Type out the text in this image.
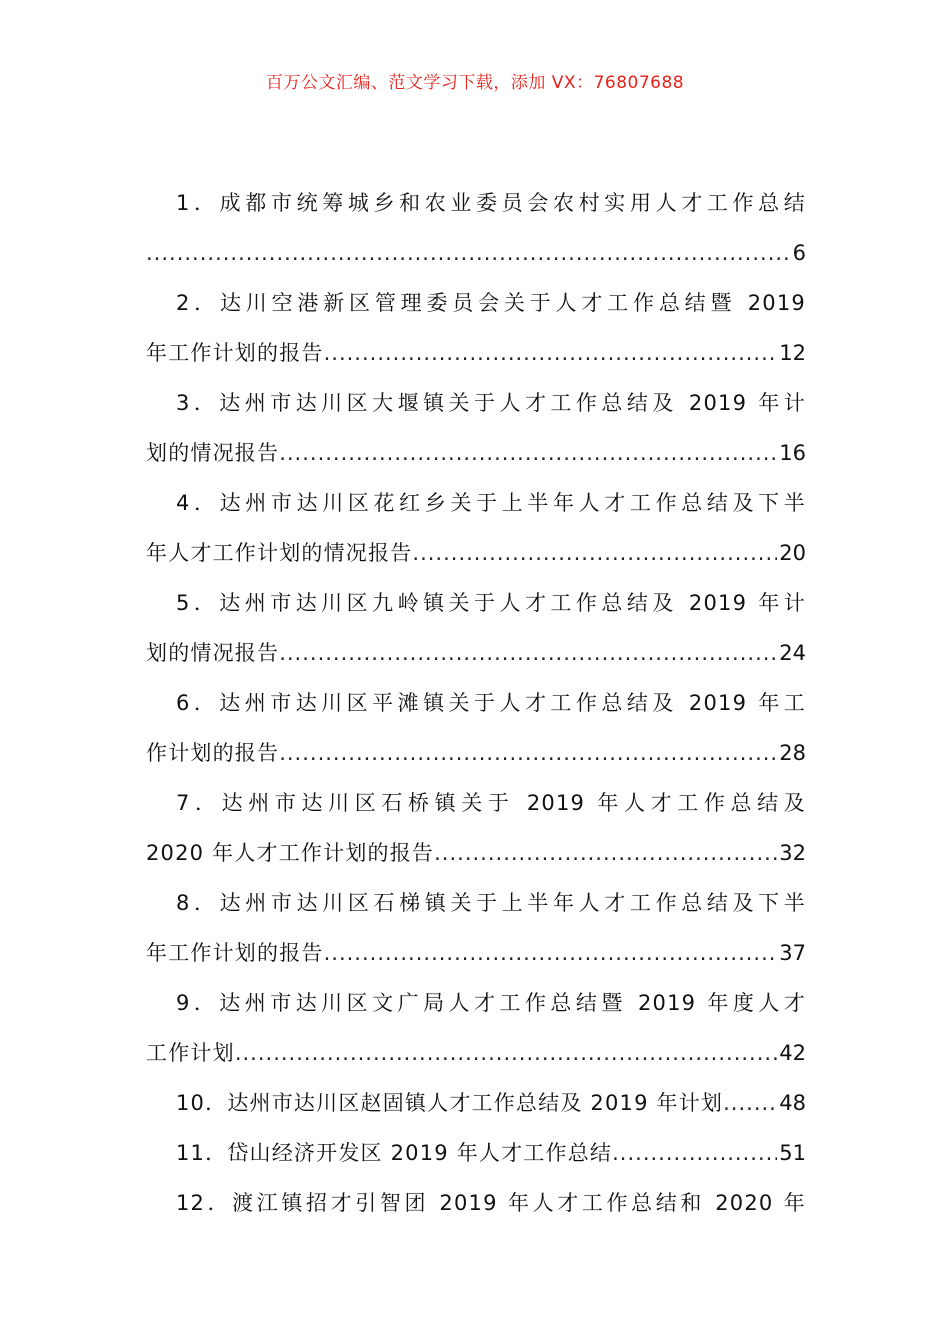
百万公文汇编、范文学习下载，添加 VX：76807688
1．成都市统筹城乡和农业委员会农村实用人才工作总结
.....
6
2．达川空港新区管理委员会关于人才工作总结暨 2019
年工作计划的报告 .....	12
3．达州市达川区大堰镇关于人才工作总结及 2019 年计
划的情况报告 .....	16
4．达州市达川区花红乡关于上半年人才工作总结及下半
年人才工作计划的情况报告 .....	20
5．达州市达川区九岭镇关于人才工作总结及 2019 年计
划的情况报告 .....	24
6．达州市达川区平滩镇关于人才工作总结及 2019 年工
作计划的报告 .....	28
7．达州市达川区石桥镇关于 2019 年人才工作总结及
2020 年人才工作计划的报告 .....	32
8．达州市达川区石梯镇关于上半年人才工作总结及下半
年工作计划的报告 .....	37
9．达州市达川区文广局人才工作总结暨 2019 年度人才
工作计划 .....	42
10．达州市达川区赵固镇人才工作总结及 2019 年计划 .....	48
11．岱山经济开发区 2019 年人才工作总结 .....	51
12．渡江镇招才引智团 2019 年人才工作总结和 2020 年
